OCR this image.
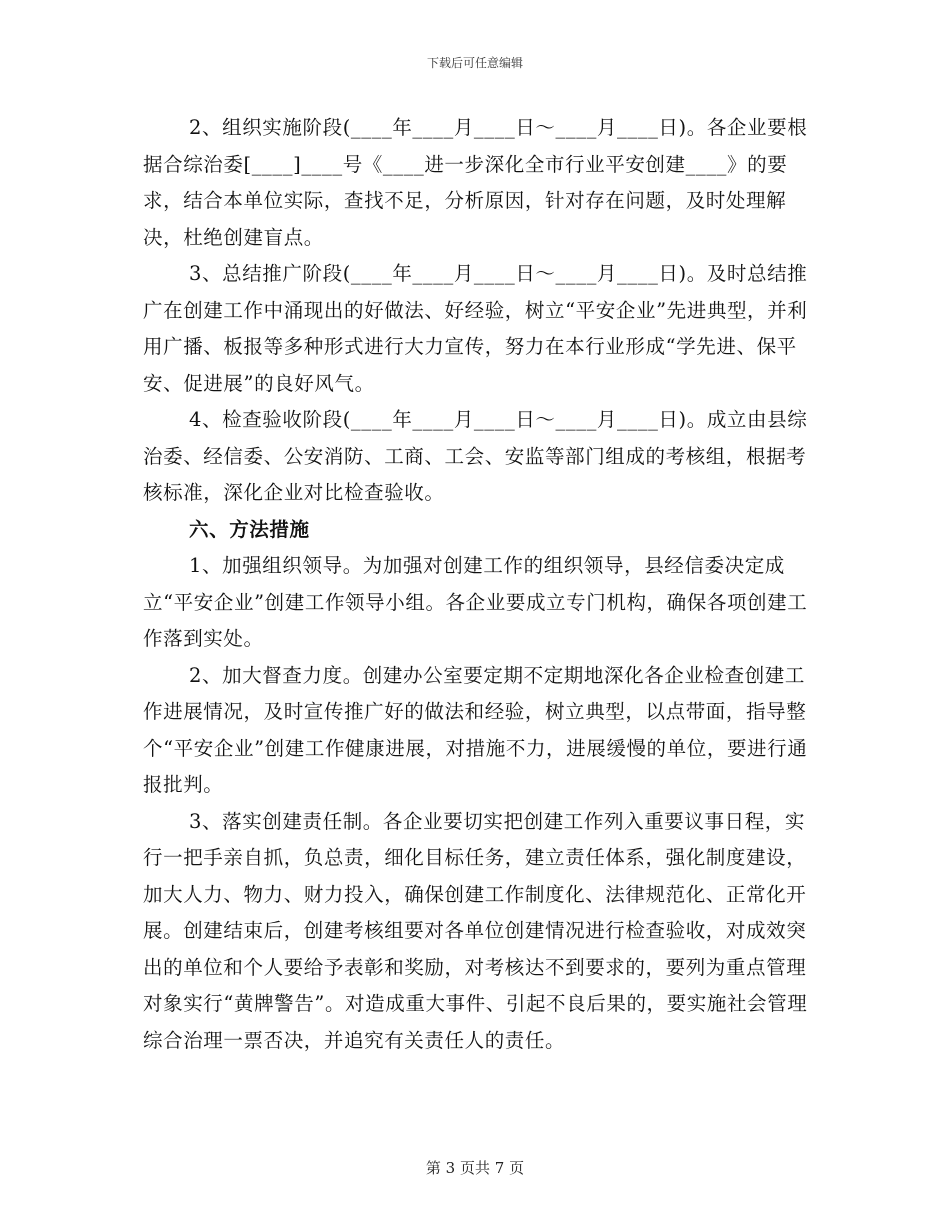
下载后可任意编辑

2、组织实施阶段(____年____月____日～____月____日)。各企业要根据合综治委[____]____号《____进一步深化全市行业平安创建____》的要求，结合本单位实际，查找不足，分析原因，针对存在问题，及时处理解决，杜绝创建盲点。

3、总结推广阶段(____年____月____日～____月____日)。及时总结推广在创建工作中涌现出的好做法、好经验，树立“平安企业”先进典型，并利用广播、板报等多种形式进行大力宣传，努力在本行业形成“学先进、保平安、促进展”的良好风气。

4、检查验收阶段(____年____月____日～____月____日)。成立由县综治委、经信委、公安消防、工商、工会、安监等部门组成的考核组，根据考核标准，深化企业对比检查验收。

六、方法措施

1、加强组织领导。为加强对创建工作的组织领导，县经信委决定成立“平安企业”创建工作领导小组。各企业要成立专门机构，确保各项创建工作落到实处。

2、加大督查力度。创建办公室要定期不定期地深化各企业检查创建工作进展情况，及时宣传推广好的做法和经验，树立典型，以点带面，指导整个“平安企业”创建工作健康进展，对措施不力，进展缓慢的单位，要进行通报批判。

3、落实创建责任制。各企业要切实把创建工作列入重要议事日程，实行一把手亲自抓，负总责，细化目标任务，建立责任体系，强化制度建设，加大人力、物力、财力投入，确保创建工作制度化、法律规范化、正常化开展。创建结束后，创建考核组要对各单位创建情况进行检查验收，对成效突出的单位和个人要给予表彰和奖励，对考核达不到要求的，要列为重点管理对象实行“黄牌警告”。对造成重大事件、引起不良后果的，要实施社会管理综合治理一票否决，并追究有关责任人的责任。

第 3 页共 7 页
